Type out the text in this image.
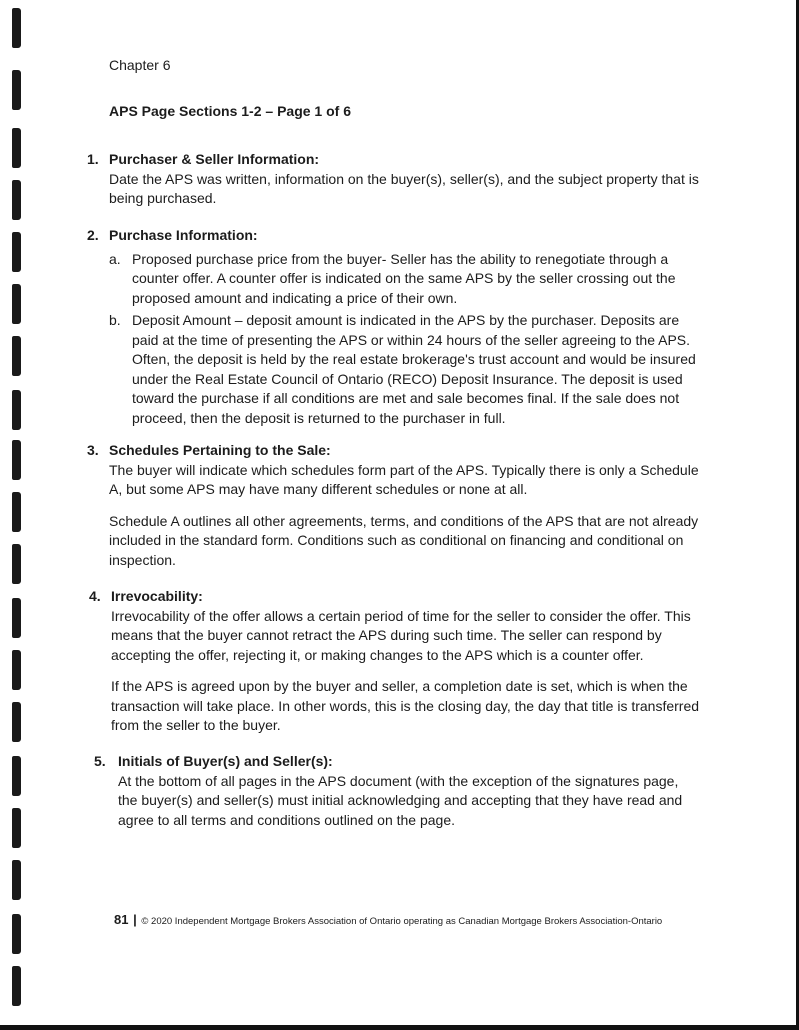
Chapter 6
APS Page Sections 1-2 – Page 1 of 6
1. Purchaser & Seller Information:

Date the APS was written, information on the buyer(s), seller(s), and the subject property that is being purchased.

2. Purchase Information:
a. Proposed purchase price from the buyer- Seller has the ability to renegotiate through a counter offer. A counter offer is indicated on the same APS by the seller crossing out the proposed amount and indicating a price of their own.

b. Deposit Amount – deposit amount is indicated in the APS by the purchaser. Deposits are paid at the time of presenting the APS or within 24 hours of the seller agreeing to the APS. Often, the deposit is held by the real estate brokerage's trust account and would be insured under the Real Estate Council of Ontario (RECO) Deposit Insurance. The deposit is used toward the purchase if all conditions are met and sale becomes final. If the sale does not proceed, then the deposit is returned to the purchaser in full.

3. Schedules Pertaining to the Sale:

The buyer will indicate which schedules form part of the APS. Typically there is only a Schedule A, but some APS may have many different schedules or none at all.

Schedule A outlines all other agreements, terms, and conditions of the APS that are not already included in the standard form. Conditions such as conditional on financing and conditional on inspection.

4. Irrevocability:

Irrevocability of the offer allows a certain period of time for the seller to consider the offer. This means that the buyer cannot retract the APS during such time. The seller can respond by accepting the offer, rejecting it, or making changes to the APS which is a counter offer.

If the APS is agreed upon by the buyer and seller, a completion date is set, which is when the transaction will take place. In other words, this is the closing day, the day that title is transferred from the seller to the buyer.

5. Initials of Buyer(s) and Seller(s):

At the bottom of all pages in the APS document (with the exception of the signatures page, the buyer(s) and seller(s) must initial acknowledging and accepting that they have read and agree to all terms and conditions outlined on the page.

81 | © 2020 Independent Mortgage Brokers Association of Ontario operating as Canadian Mortgage Brokers Association-Ontario
